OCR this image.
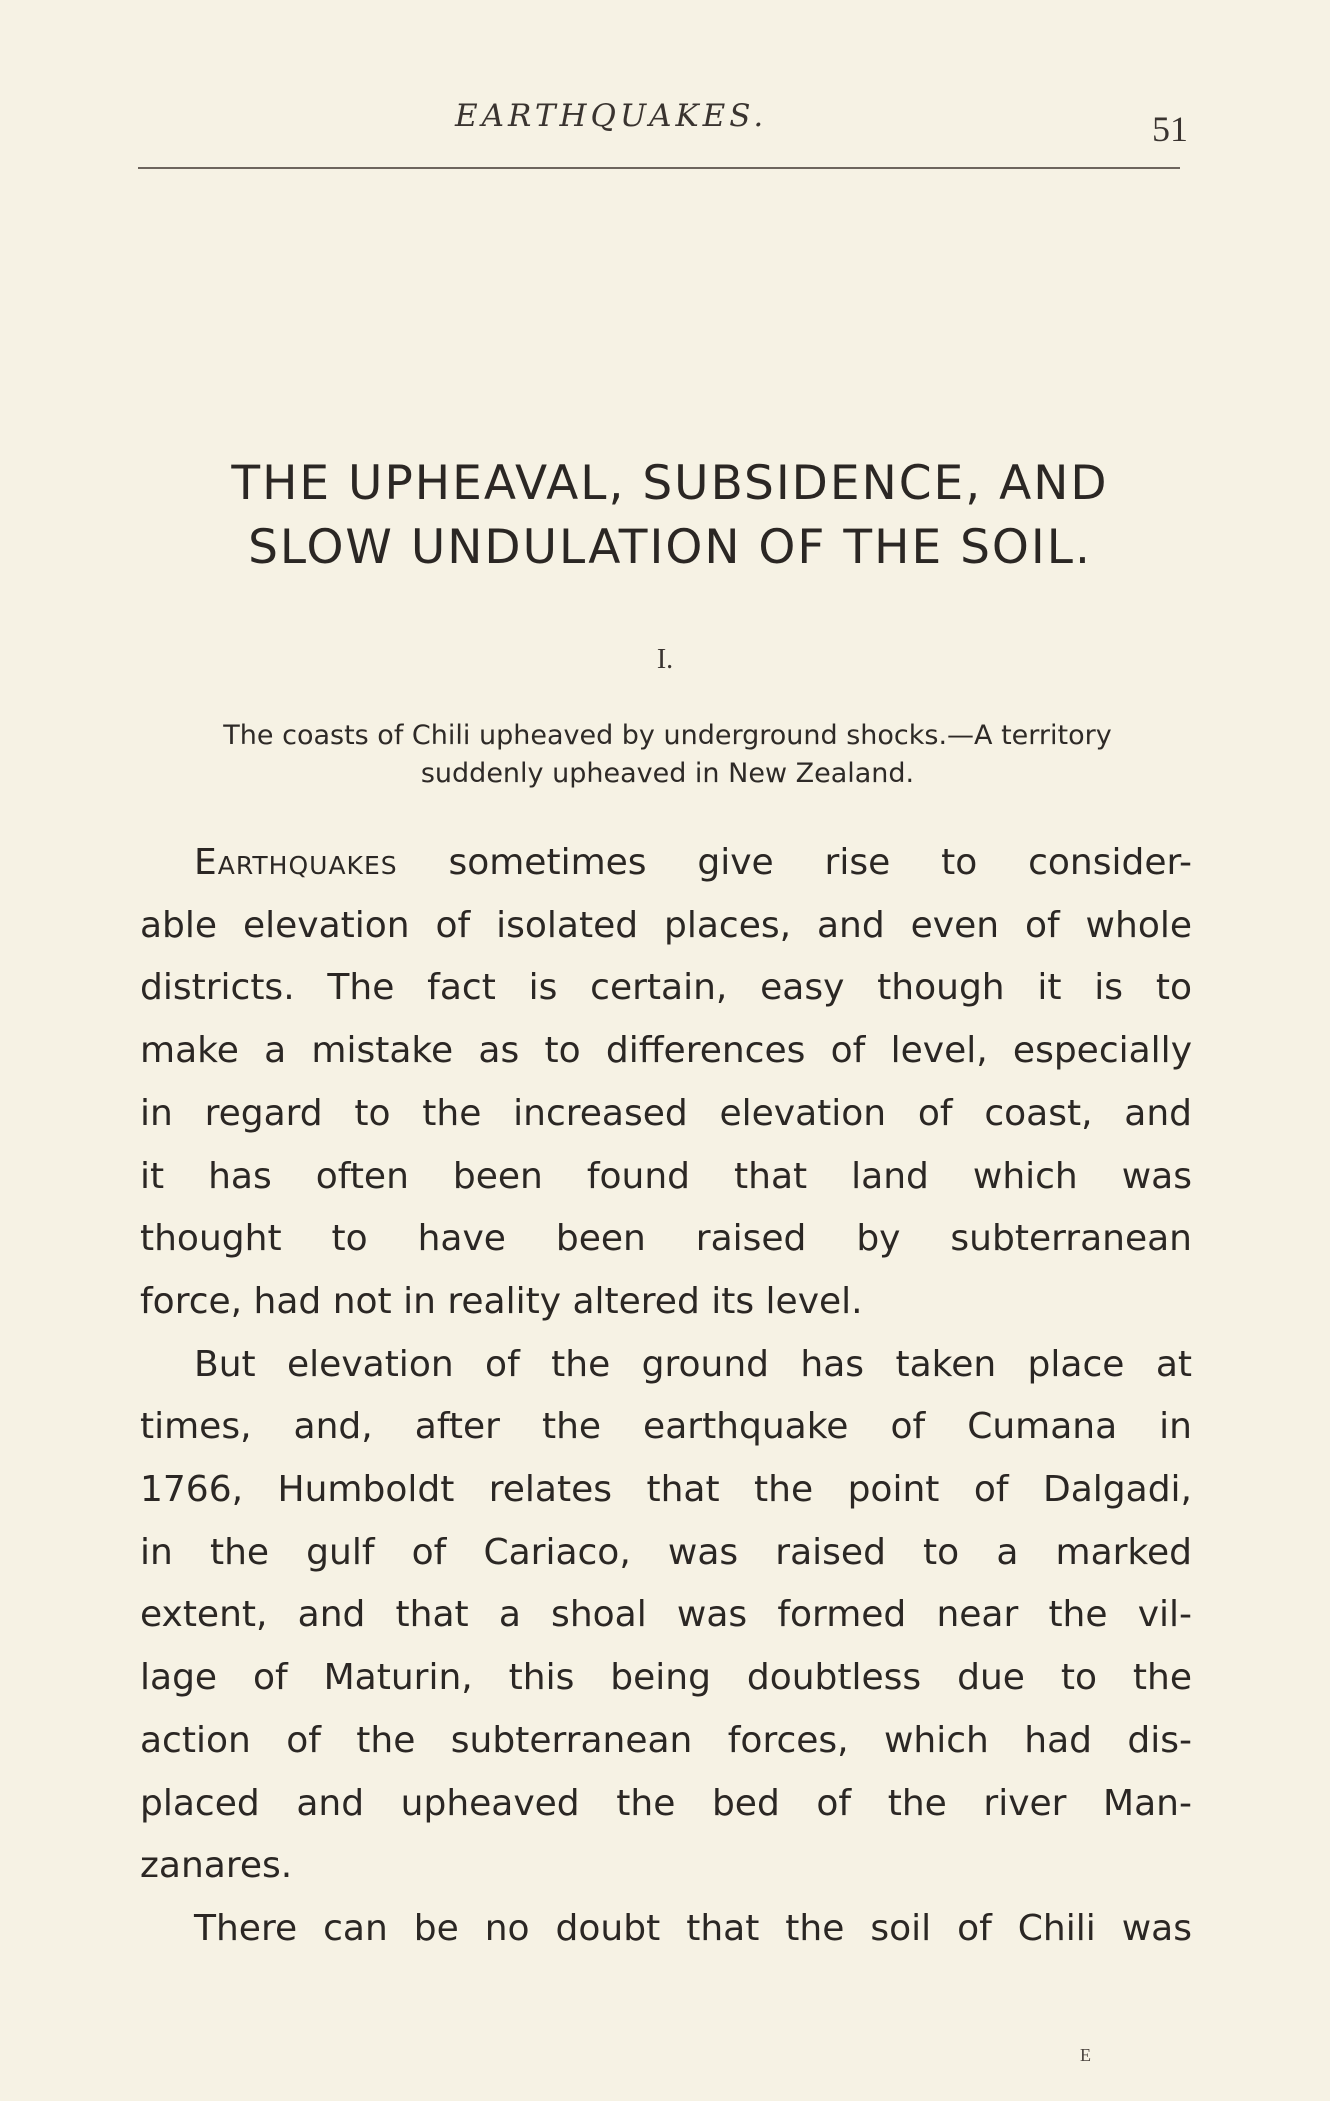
EARTHQUAKES.	51
THE UPHEAVAL, SUBSIDENCE, AND
SLOW UNDULATION OF THE SOIL.
I.
The coasts of Chili upheaved by underground shocks.—A territory
suddenly upheaved in New Zealand.
Earthquakes sometimes give rise to consider-
able elevation of isolated places, and even of whole
districts. The fact is certain, easy though it is to
make a mistake as to differences of level, especially
in regard to the increased elevation of coast, and
it has often been found that land which was
thought to have been raised by subterranean
force, had not in reality altered its level.
But elevation of the ground has taken place at
times, and, after the earthquake of Cumana in
1766, Humboldt relates that the point of Dalgadi,
in the gulf of Cariaco, was raised to a marked
extent, and that a shoal was formed near the vil-
lage of Maturin, this being doubtless due to the
action of the subterranean forces, which had dis-
placed and upheaved the bed of the river Man-
zanares.
There can be no doubt that the soil of Chili was
E
